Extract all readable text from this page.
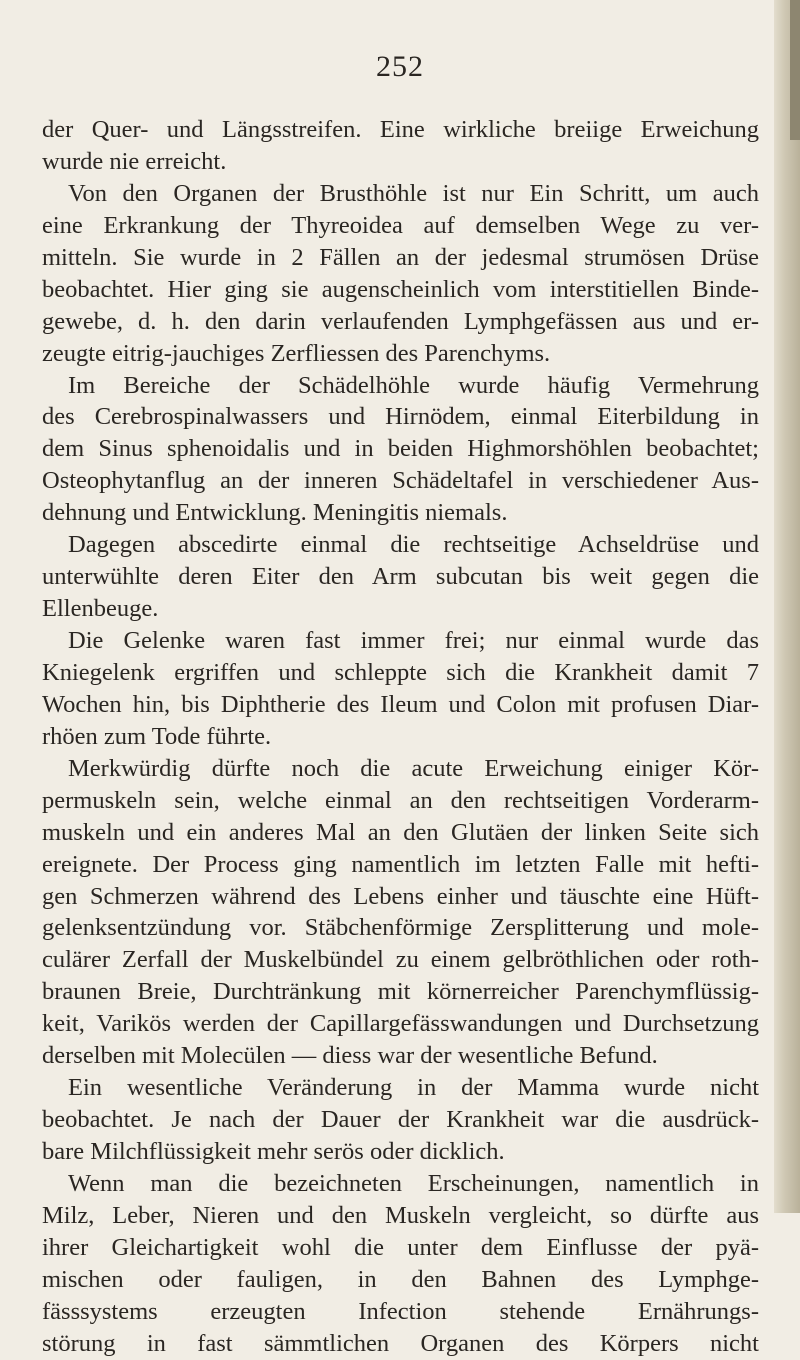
252
der Quer- und Längsstreifen. Eine wirkliche breiige Erweichung
wurde nie erreicht.
Von den Organen der Brusthöhle ist nur Ein Schritt, um auch
eine Erkrankung der Thyreoidea auf demselben Wege zu ver-
mitteln. Sie wurde in 2 Fällen an der jedesmal strumösen Drüse
beobachtet. Hier ging sie augenscheinlich vom interstitiellen Binde-
gewebe, d. h. den darin verlaufenden Lymphgefässen aus und er-
zeugte eitrig-jauchiges Zerfliessen des Parenchyms.
Im Bereiche der Schädelhöhle wurde häufig Vermehrung
des Cerebrospinalwassers und Hirnödem, einmal Eiterbildung in
dem Sinus sphenoidalis und in beiden Highmorshöhlen beobachtet;
Osteophytanflug an der inneren Schädeltafel in verschiedener Aus-
dehnung und Entwicklung. Meningitis niemals.
Dagegen abscedirte einmal die rechtseitige Achseldrüse und
unterwühlte deren Eiter den Arm subcutan bis weit gegen die
Ellenbeuge.
Die Gelenke waren fast immer frei; nur einmal wurde das
Kniegelenk ergriffen und schleppte sich die Krankheit damit 7
Wochen hin, bis Diphtherie des Ileum und Colon mit profusen Diar-
rhöen zum Tode führte.
Merkwürdig dürfte noch die acute Erweichung einiger Kör-
permuskeln sein, welche einmal an den rechtseitigen Vorderarm-
muskeln und ein anderes Mal an den Glutäen der linken Seite sich
ereignete. Der Process ging namentlich im letzten Falle mit hefti-
gen Schmerzen während des Lebens einher und täuschte eine Hüft-
gelenksentzündung vor. Stäbchenförmige Zersplitterung und mole-
culärer Zerfall der Muskelbündel zu einem gelbröthlichen oder roth-
braunen Breie, Durchtränkung mit körnerreicher Parenchymflüssig-
keit, Varikös werden der Capillargefässwandungen und Durchsetzung
derselben mit Molecülen — diess war der wesentliche Befund.
Ein wesentliche Veränderung in der Mamma wurde nicht
beobachtet. Je nach der Dauer der Krankheit war die ausdrück-
bare Milchflüssigkeit mehr serös oder dicklich.
Wenn man die bezeichneten Erscheinungen, namentlich in
Milz, Leber, Nieren und den Muskeln vergleicht, so dürfte aus
ihrer Gleichartigkeit wohl die unter dem Einflusse der pyä-
mischen oder fauligen, in den Bahnen des Lymphge-
fässsystems erzeugten Infection stehende Ernährungs-
störung in fast sämmtlichen Organen des Körpers nicht
